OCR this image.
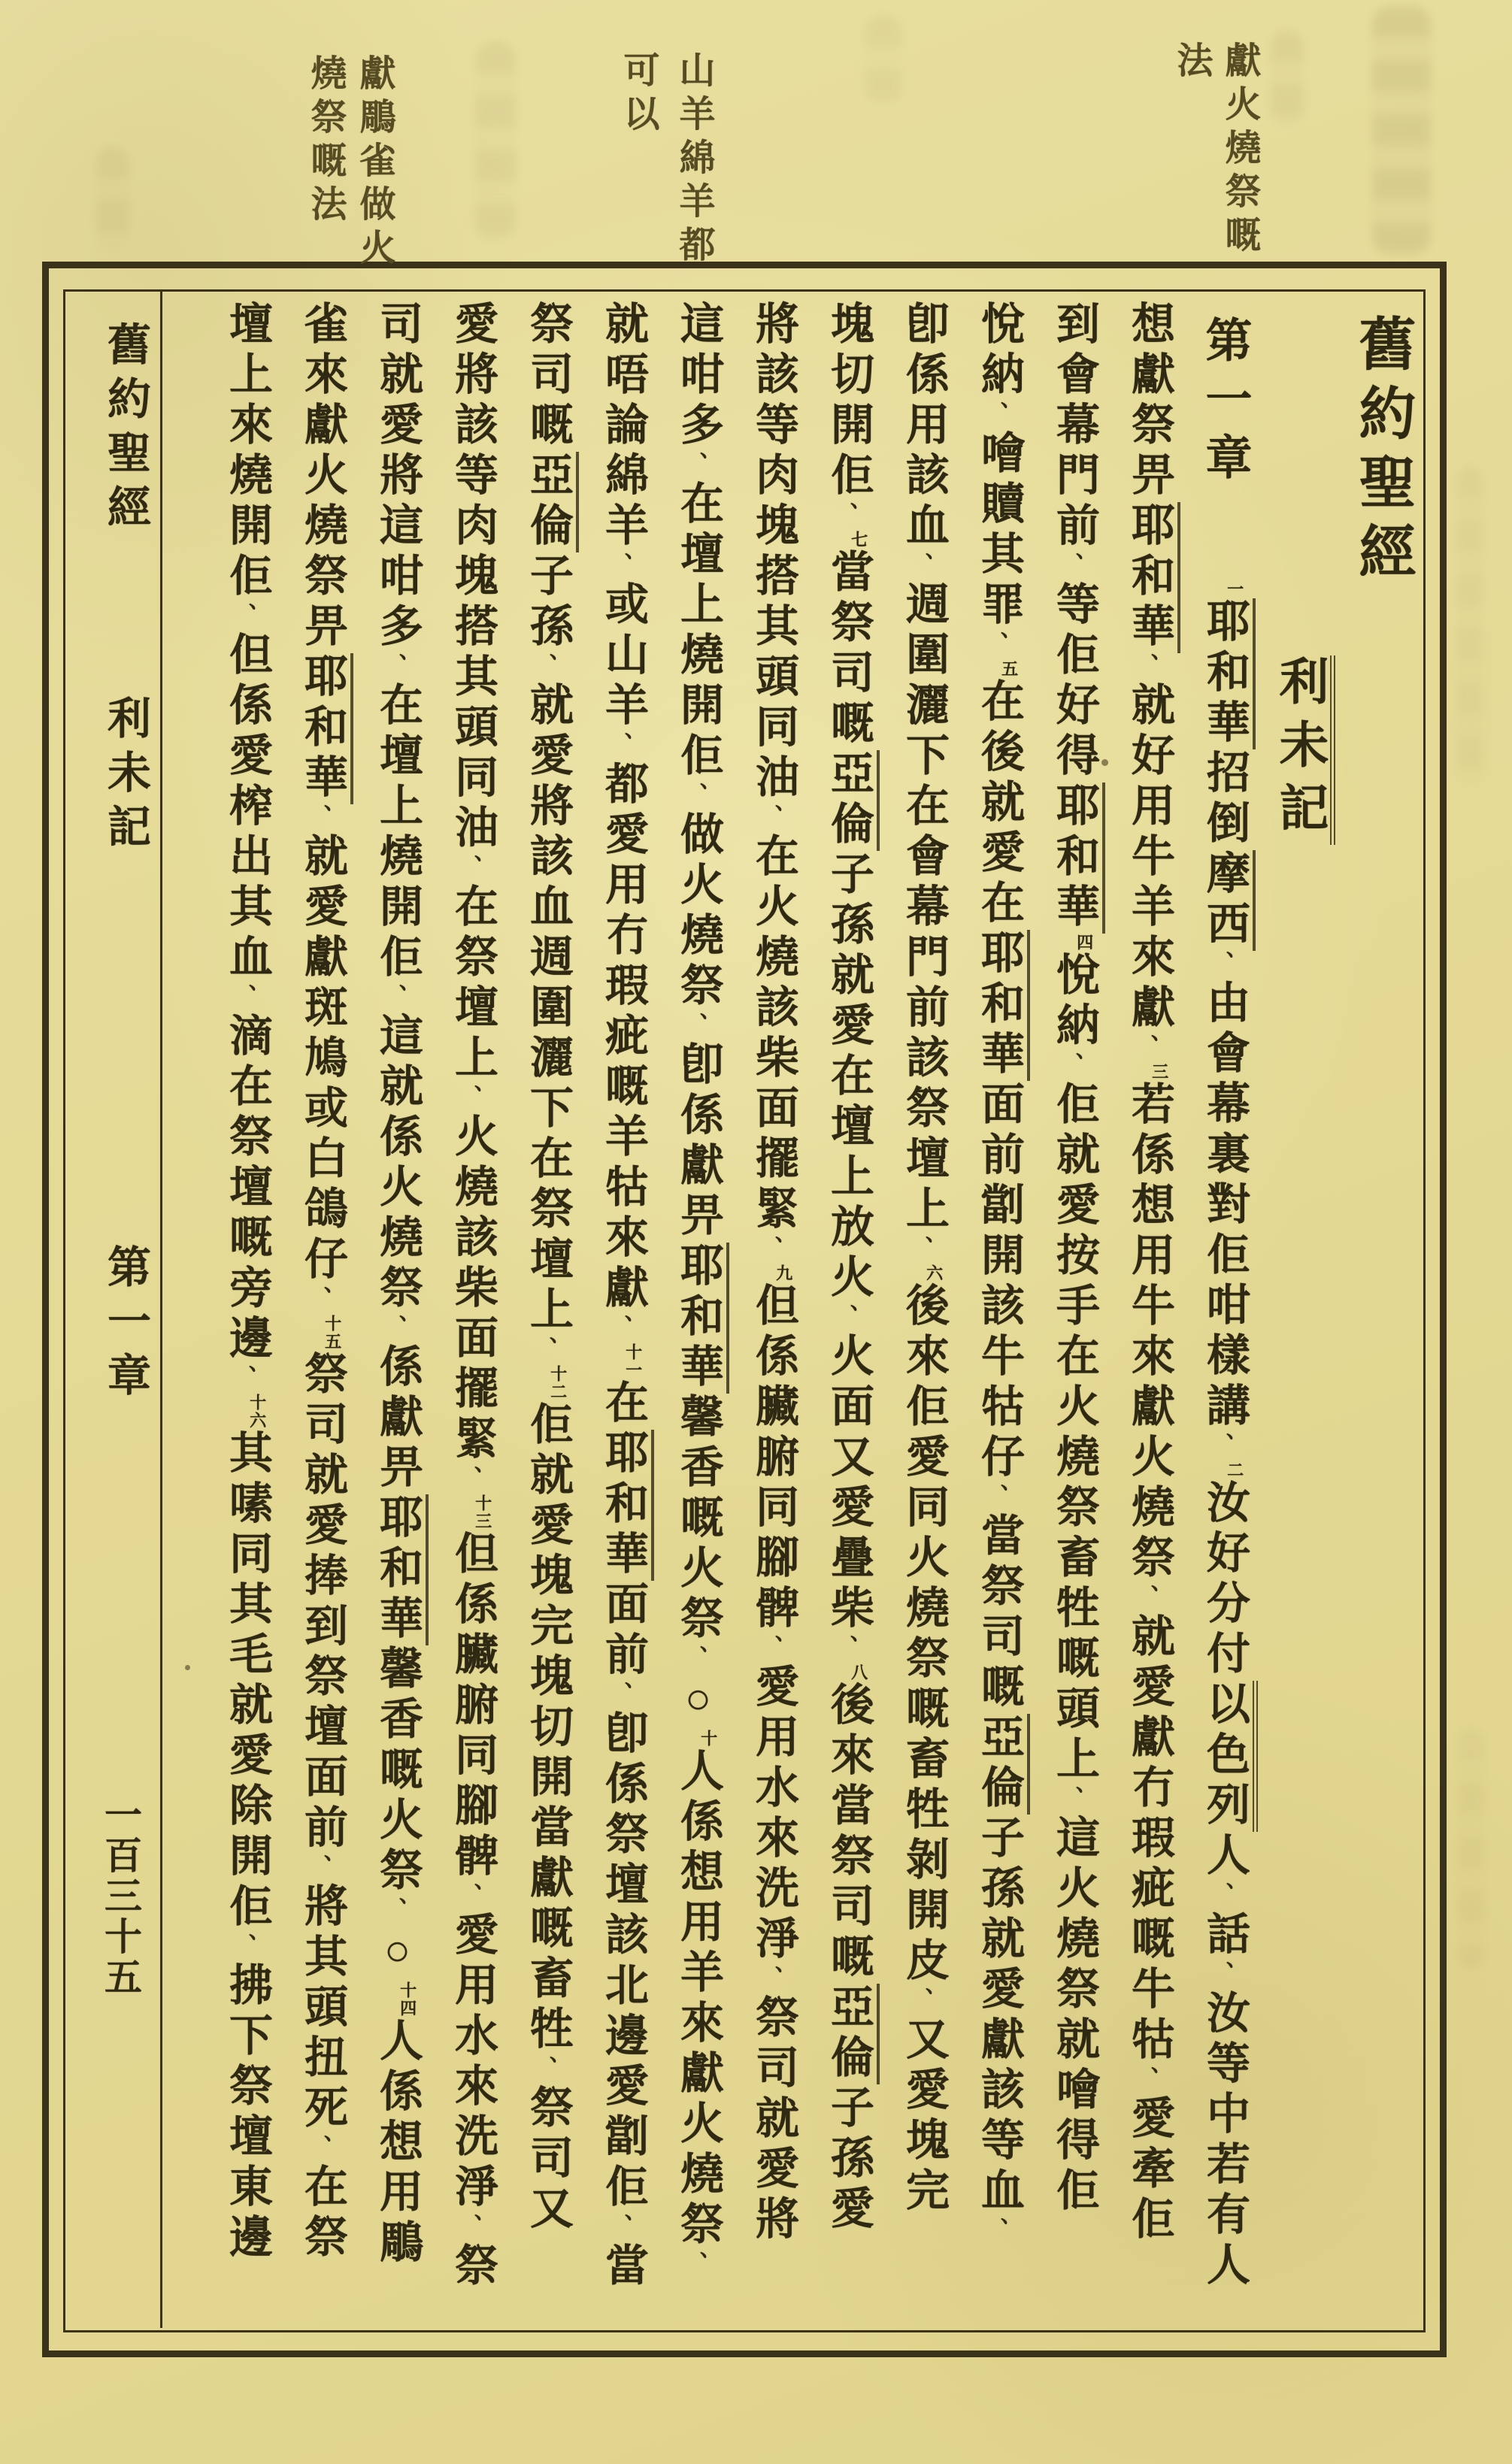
獻火燒祭嘅
法
山羊綿羊都
可以
獻鵰雀做火
燒祭嘅法
舊約聖經
利未記
第一章
$^一$耶和華招倒摩西、由會幕裏對佢咁樣講、$^二$汝好分付以色列人、話、汝等中若有人
想獻祭畀耶和華、就好用牛羊來獻、$^三$若係想用牛來獻火燒祭、就愛獻冇瑕疵嘅牛牯、愛牽佢
到會幕門前、等佢好得耶和華$^四$悅納、佢就愛按手在火燒祭畜牲嘅頭上、這火燒祭就噲得佢
悅納、噲贖其罪、$^五$在後就愛在耶和華面前劏開該牛牯仔、當祭司嘅亞倫子孫就愛獻該等血、
卽係用該血、週圍灑下在會幕門前該祭壇上、$^六$後來佢愛同火燒祭嘅畜牲剝開皮、又愛塊完
塊切開佢、$^七$當祭司嘅亞倫子孫就愛在壇上放火、火面又愛疊柴、$^八$後來當祭司嘅亞倫子孫愛
將該等肉塊搭其頭同油、在火燒該柴面擺緊、$^九$但係臟腑同腳髀、愛用水來洗淨、祭司就愛將
這咁多、在壇上燒開佢、做火燒祭、卽係獻畀耶和華馨香嘅火祭、○$^十$人係想用羊來獻火燒祭、
就唔論綿羊、或山羊、都愛用冇瑕疵嘅羊牯來獻、$^{十一}$在耶和華面前、卽係祭壇該北邊愛劏佢、當
祭司嘅亞倫子孫、就愛將該血週圍灑下在祭壇上、$^{十二}$佢就愛塊完塊切開當獻嘅畜牲、祭司又
愛將該等肉塊搭其頭同油、在祭壇上、火燒該柴面擺緊、$^{十三}$但係臟腑同腳髀、愛用水來洗淨、祭
司就愛將這咁多、在壇上燒開佢、這就係火燒祭、係獻畀耶和華馨香嘅火祭、○$^{十四}$人係想用鵰
雀來獻火燒祭畀耶和華、就愛獻斑鳩或白鴿仔、$^{十五}$祭司就愛捧到祭壇面前、將其頭扭死、在祭
壇上來燒開佢、但係愛榨出其血、滴在祭壇嘅旁邊、$^{十六}$其嗉同其毛就愛除開佢、拂下祭壇東邊
舊約聖經
利未記
第一章
一百三十五
